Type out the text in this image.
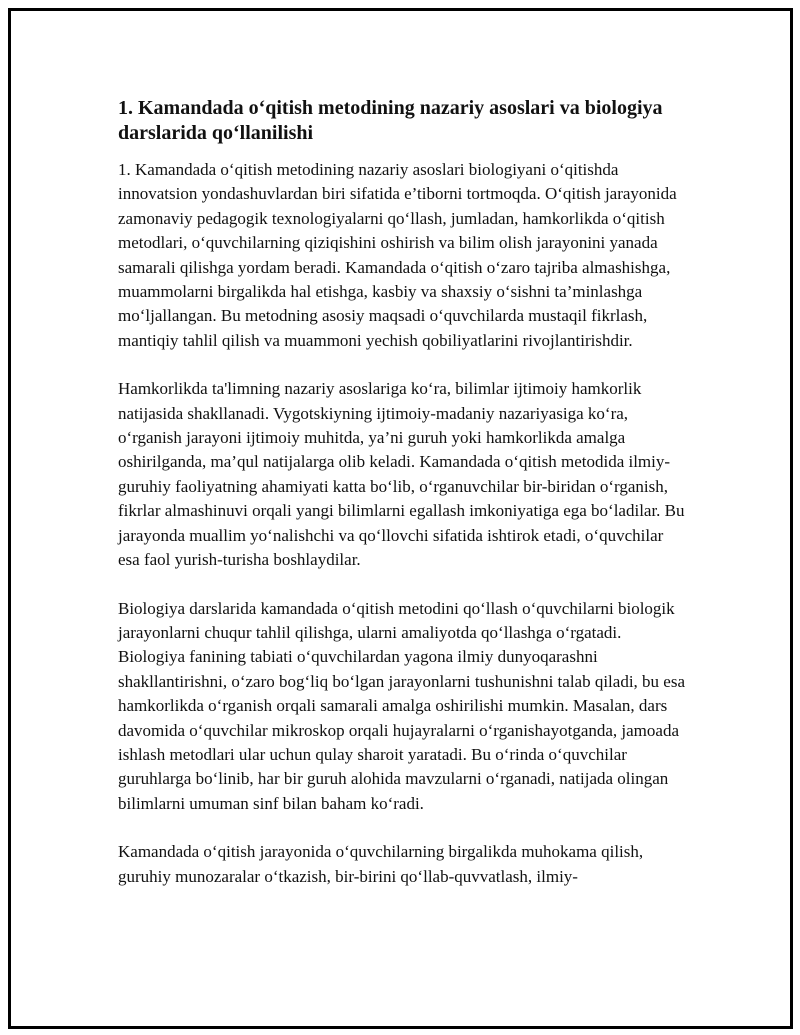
1. Kamandada o‘qitish metodining nazariy asoslari va biologiya darslarida qo‘llanilishi

1. Kamandada o‘qitish metodining nazariy asoslari biologiyani o‘qitishda innovatsion yondashuvlardan biri sifatida e’tiborni tortmoqda. O‘qitish jarayonida zamonaviy pedagogik texnologiyalarni qo‘llash, jumladan, hamkorlikda o‘qitish metodlari, o‘quvchilarning qiziqishini oshirish va bilim olish jarayonini yanada samarali qilishga yordam beradi. Kamandada o‘qitish o‘zaro tajriba almashishga, muammolarni birgalikda hal etishga, kasbiy va shaxsiy o‘sishni ta’minlashga mo‘ljallangan. Bu metodning asosiy maqsadi o‘quvchilarda mustaqil fikrlash, mantiqiy tahlil qilish va muammoni yechish qobiliyatlarini rivojlantirishdir.

Hamkorlikda ta'limning nazariy asoslariga ko‘ra, bilimlar ijtimoiy hamkorlik natijasida shakllanadi. Vygotskiyning ijtimoiy-madaniy nazariyasiga ko‘ra, o‘rganish jarayoni ijtimoiy muhitda, ya’ni guruh yoki hamkorlikda amalga oshirilganda, ma’qul natijalarga olib keladi. Kamandada o‘qitish metodida ilmiy-guruhiy faoliyatning ahamiyati katta bo‘lib, o‘rganuvchilar bir-biridan o‘rganish, fikrlar almashinuvi orqali yangi bilimlarni egallash imkoniyatiga ega bo‘ladilar. Bu jarayonda muallim yo‘nalishchi va qo‘llovchi sifatida ishtirok etadi, o‘quvchilar esa faol yurish-turisha boshlaydilar.

Biologiya darslarida kamandada o‘qitish metodini qo‘llash o‘quvchilarni biologik jarayonlarni chuqur tahlil qilishga, ularni amaliyotda qo‘llashga o‘rgatadi. Biologiya fanining tabiati o‘quvchilardan yagona ilmiy dunyoqarashni shakllantirishni, o‘zaro bog‘liq bo‘lgan jarayonlarni tushunishni talab qiladi, bu esa hamkorlikda o‘rganish orqali samarali amalga oshirilishi mumkin. Masalan, dars davomida o‘quvchilar mikroskop orqali hujayralarni o‘rganishayotganda, jamoada ishlash metodlari ular uchun qulay sharoit yaratadi. Bu o‘rinda o‘quvchilar guruhlarga bo‘linib, har bir guruh alohida mavzularni o‘rganadi, natijada olingan bilimlarni umuman sinf bilan baham ko‘radi.

Kamandada o‘qitish jarayonida o‘quvchilarning birgalikda muhokama qilish, guruhiy munozaralar o‘tkazish, bir-birini qo‘llab-quvvatlash, ilmiy-
